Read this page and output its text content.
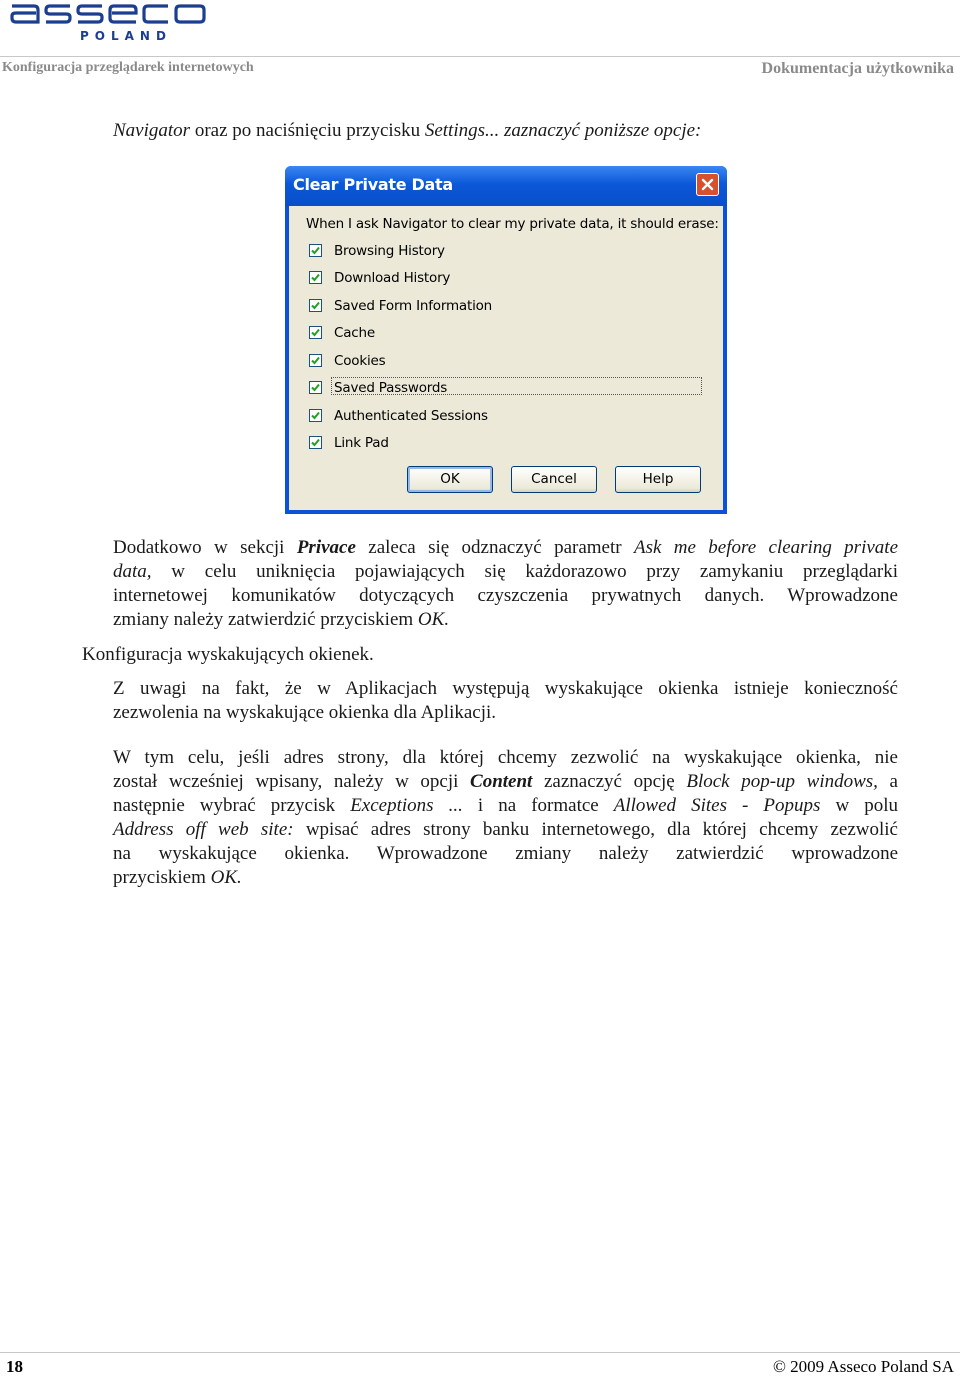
POLAND
Konfiguracja przeglądarek internetowych	Dokumentacja użytkownika
Navigator oraz po naciśnięciu przycisku Settings... zaznaczyć poniższe opcje:
Clear Private Data
When I ask Navigator to clear my private data, it should erase:
Browsing History
Download History
Saved Form Information
Cache
Cookies
Saved Passwords
Authenticated Sessions
Link Pad
OK	Cancel	Help
Dodatkowo w sekcji Privace zaleca się odznaczyć parametr Ask me before clearing private
data, w celu uniknięcia pojawiających się każdorazowo przy zamykaniu przeglądarki
internetowej komunikatów dotyczących czyszczenia prywatnych danych. Wprowadzone
zmiany należy zatwierdzić przyciskiem OK.
Konfiguracja wyskakujących okienek.
Z uwagi na fakt, że w Aplikacjach występują wyskakujące okienka istnieje konieczność
zezwolenia na wyskakujące okienka dla Aplikacji.
W tym celu, jeśli adres strony, dla której chcemy zezwolić na wyskakujące okienka, nie
został wcześniej wpisany, należy w opcji Content zaznaczyć opcję Block pop-up windows, a
następnie wybrać przycisk Exceptions ... i na formatce Allowed Sites - Popups w polu
Address off web site: wpisać adres strony banku internetowego, dla której chcemy zezwolić
na wyskakujące okienka. Wprowadzone zmiany należy zatwierdzić wprowadzone
przyciskiem OK.
18	© 2009 Asseco Poland SA
